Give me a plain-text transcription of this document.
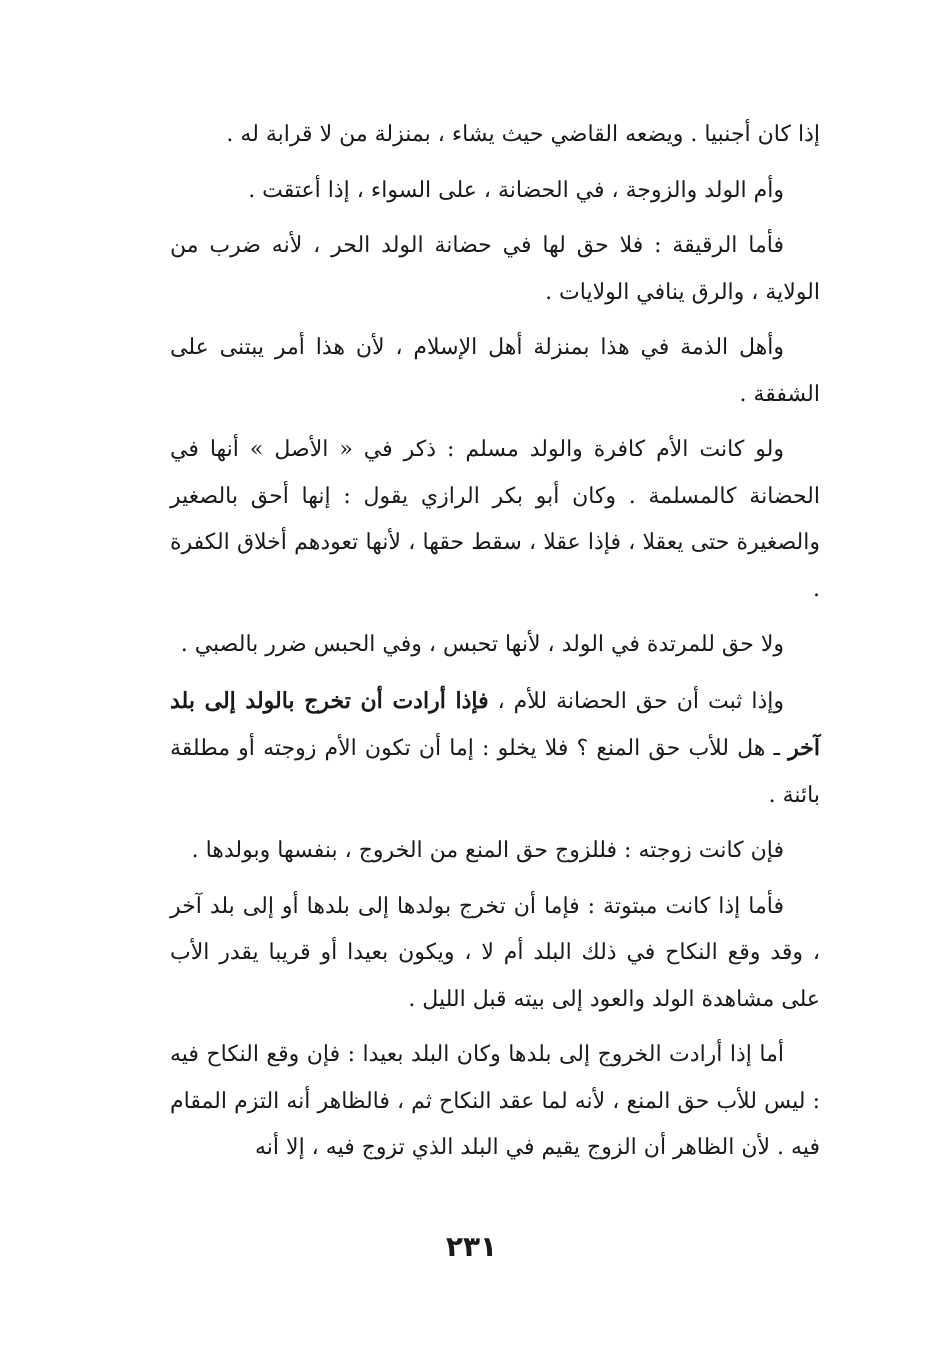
إذا كان أجنبيا . ويضعه القاضي حيث يشاء ، بمنزلة من لا قرابة له .

وأم الولد والزوجة ، في الحضانة ، على السواء ، إذا أعتقت .

فأما الرقيقة : فلا حق لها في حضانة الولد الحر ، لأنه ضرب من الولاية ، والرق ينافي الولايات .

وأهل الذمة في هذا بمنزلة أهل الإسلام ، لأن هذا أمر يبتنى على الشفقة .

ولو كانت الأم كافرة والولد مسلم : ذكر في « الأصل » أنها في الحضانة كالمسلمة . وكان أبو بكر الرازي يقول : إنها أحق بالصغير والصغيرة حتى يعقلا ، فإذا عقلا ، سقط حقها ، لأنها تعودهم أخلاق الكفرة .

ولا حق للمرتدة في الولد ، لأنها تحبس ، وفي الحبس ضرر بالصبي .

وإذا ثبت أن حق الحضانة للأم ، فإذا أرادت أن تخرج بالولد إلى بلد آخر ـ هل للأب حق المنع ؟ فلا يخلو : إما أن تكون الأم زوجته أو مطلقة بائنة .

فإن كانت زوجته : فللزوج حق المنع من الخروج ، بنفسها وبولدها .

فأما إذا كانت مبتوتة : فإما أن تخرج بولدها إلى بلدها أو إلى بلد آخر ، وقد وقع النكاح في ذلك البلد أم لا ، ويكون بعيدا أو قريبا يقدر الأب على مشاهدة الولد والعود إلى بيته قبل الليل .

أما إذا أرادت الخروج إلى بلدها وكان البلد بعيدا : فإن وقع النكاح فيه : ليس للأب حق المنع ، لأنه لما عقد النكاح ثم ، فالظاهر أنه التزم المقام فيه . لأن الظاهر أن الزوج يقيم في البلد الذي تزوج فيه ، إلا أنه

٢٣١
